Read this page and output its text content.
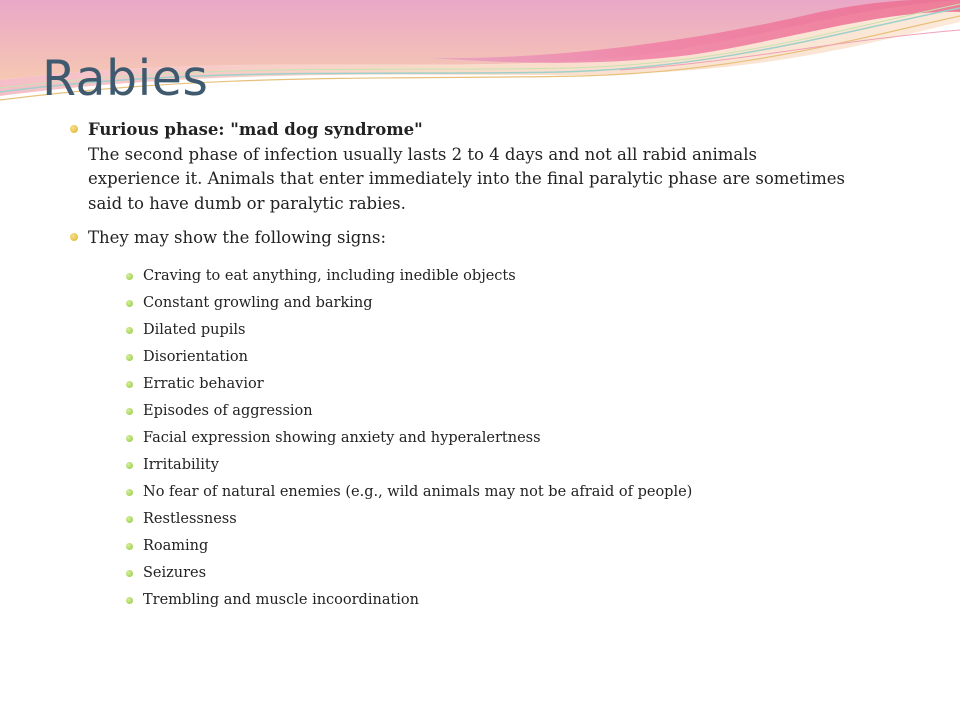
Rabies
Furious phase: "mad dog syndrome"
The second phase of infection usually lasts 2 to 4 days and not all rabid animals experience it. Animals that enter immediately into the final paralytic phase are sometimes said to have dumb or paralytic rabies.
They may show the following signs:
Craving to eat anything, including inedible objects
Constant growling and barking
Dilated pupils
Disorientation
Erratic behavior
Episodes of aggression
Facial expression showing anxiety and hyperalertness
Irritability
No fear of natural enemies (e.g., wild animals may not be afraid of people)
Restlessness
Roaming
Seizures
Trembling and muscle incoordination
